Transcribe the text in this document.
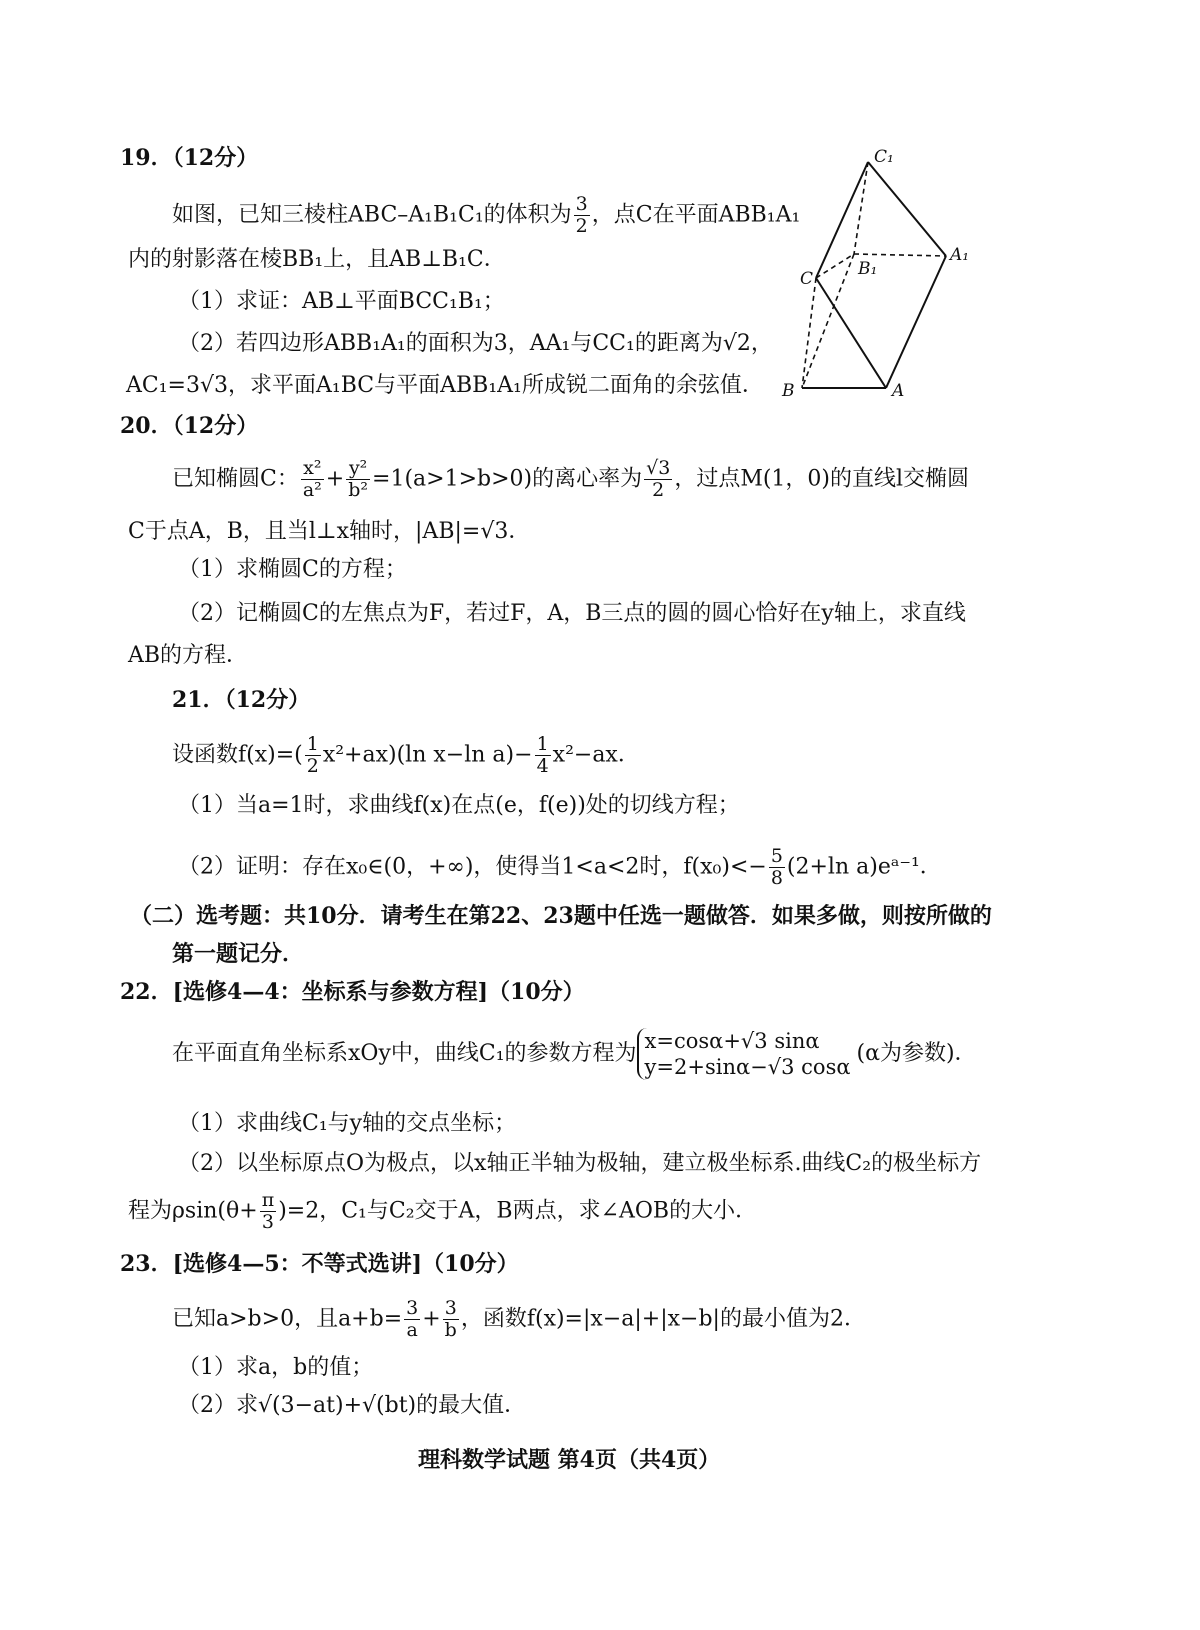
19．（12分）
如图，已知三棱柱ABC–A₁B₁C₁的体积为 $\frac{3}{2}$ ，点C在平面ABB₁A₁
内的射影落在棱BB₁上，且AB⊥B₁C．
（1）求证：AB⊥平面BCC₁B₁；
（2）若四边形ABB₁A₁的面积为3，AA₁与CC₁的距离为√2，
AC₁=3√3，求平面A₁BC与平面ABB₁A₁所成锐二面角的余弦值．
C₁
A₁
B₁
C
B	A
20．（12分）
已知椭圆C： $\frac{\text{x²}}{\text{a²}} + \frac{\text{y²}}{\text{b²}} =1(a>1>b>0)$的离心率为 $\frac{√3}{2}$ ，过点M(1，0)的直线l交椭圆
C于点A，B，且当l⊥x轴时，|AB|=√3．
（1）求椭圆C的方程；
（2）记椭圆C的左焦点为F，若过F，A，B三点的圆的圆心恰好在y轴上，求直线
AB的方程．
21．（12分）
设函数$f(x)=( \frac{1}{2} x^2+ax)(\ln$ x−ln $a)- \frac{1}{4} x^2-ax$．
（1）当a=1时，求曲线f(x)在点(e，f(e))处的切线方程；
（2）证明：存在x₀∈(0，+∞)，使得当1<a<2时，$f(x_0)<- \frac{5}{8} (2+\ln$ a)eᵃ⁻¹．
（二）选考题：共10分．请考生在第22、23题中任选一题做答．如果多做，则按所做的
第一题记分．
22．[选修4—4：坐标系与参数方程]（10分）
在平面直角坐标系xOy中，曲线C₁的参数方程为 x=cosα+√3 sinα
y=2+sinα−√3 cosα
(α为参数)．
（1）求曲线C₁与y轴的交点坐标；
（2）以坐标原点O为极点，以x轴正半轴为极轴，建立极坐标系.曲线C₂的极坐标方
程为$\rho\sin(\theta+ \frac{\pi}{3} )=2$，C₁与C₂交于A，B两点，求∠AOB的大小．
23．[选修4—5：不等式选讲]（10分）
已知a>b>0，且$a+b= \frac{3}{a} + \frac{3}{b}$ ，函数f(x)=|x−a|+|x−b|的最小值为2．
（1）求a，b的值；
（2）求√(3−at)+√(bt)的最大值．
理科数学试题 第4页（共4页）
